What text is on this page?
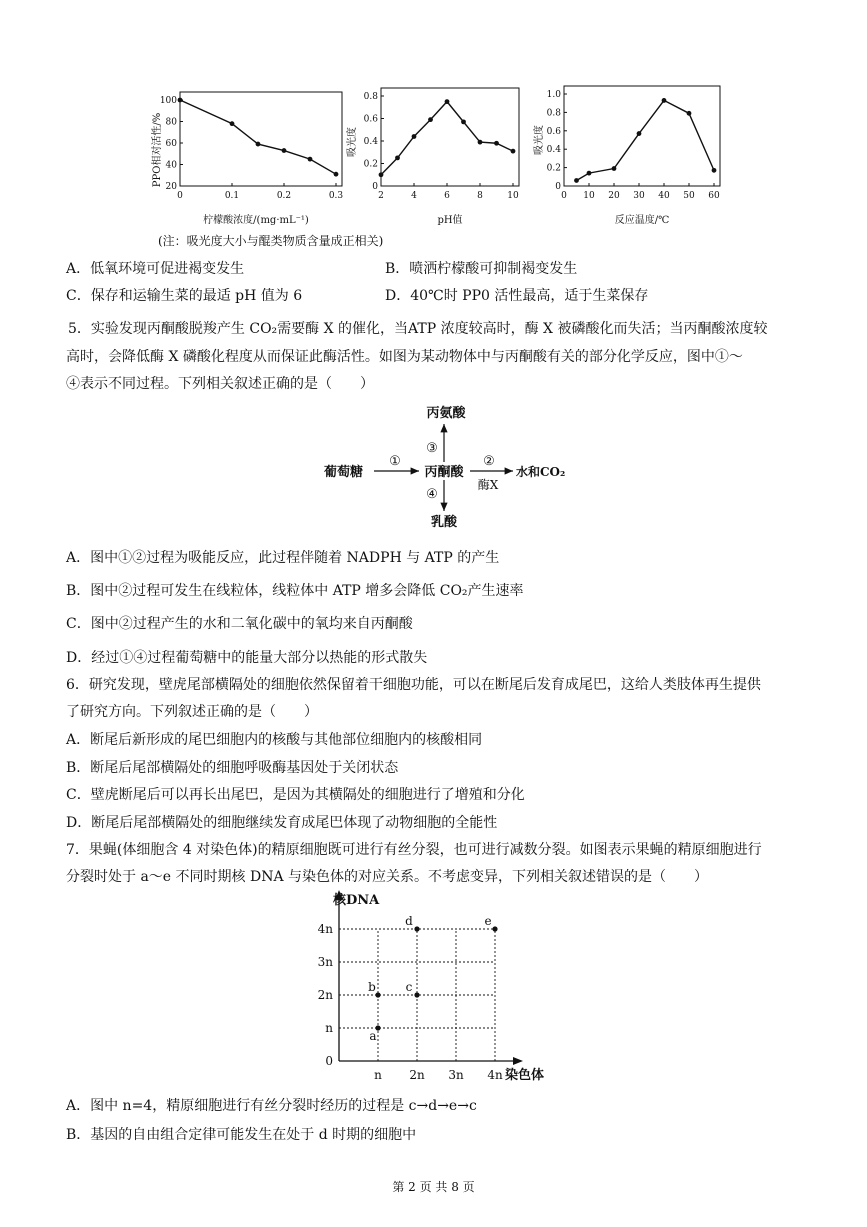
PPO相对活性/%
0	0.1	0.2	0.3
20
40
60
80
100
柠檬酸浓度/(mg·mL⁻¹)
吸光度
2	4	6	8	10
0
0.2
0.4
0.6
0.8
pH值
吸光度
0 10 20 30 40 50 60
0
0.2
0.4
0.6
0.8
1.0
反应温度/℃
(注：吸光度大小与醌类物质含量成正相关)
A．低氧环境可促进褐变发生	B．喷洒柠檬酸可抑制褐变发生
C．保存和运输生菜的最适 pH 值为 6	D．40℃时 PP0 活性最高，适于生菜保存
5．实验发现丙酮酸脱羧产生 CO₂需要酶 X 的催化，当ATP 浓度较高时，酶 X 被磷酸化而失活；当丙酮酸浓度较
高时，会降低酶 X 磷酸化程度从而保证此酶活性。如图为某动物体中与丙酮酸有关的部分化学反应，图中①～
④表示不同过程。下列相关叙述正确的是（　　）
丙氨酸
③
葡萄糖
①
丙酮酸
②
酶X
水和CO₂
④
乳酸
A．图中①②过程为吸能反应，此过程伴随着 NADPH 与 ATP 的产生
B．图中②过程可发生在线粒体，线粒体中 ATP 增多会降低 CO₂产生速率
C．图中②过程产生的水和二氧化碳中的氧均来自丙酮酸
D．经过①④过程葡萄糖中的能量大部分以热能的形式散失
6．研究发现，壁虎尾部横隔处的细胞依然保留着干细胞功能，可以在断尾后发育成尾巴，这给人类肢体再生提供
了研究方向。下列叙述正确的是（　　）
A．断尾后新形成的尾巴细胞内的核酸与其他部位细胞内的核酸相同
B．断尾后尾部横隔处的细胞呼吸酶基因处于关闭状态
C．壁虎断尾后可以再长出尾巴，是因为其横隔处的细胞进行了增殖和分化
D．断尾后尾部横隔处的细胞继续发育成尾巴体现了动物细胞的全能性
7．果蝇(体细胞含 4 对染色体)的精原细胞既可进行有丝分裂，也可进行减数分裂。如图表示果蝇的精原细胞进行
分裂时处于 a～e 不同时期核 DNA 与染色体的对应关系。不考虑变异，下列相关叙述错误的是（　　）
核DNA
染色体
n 2n 3n 4n
0
n
2n
3n
4n
a
b c
d	e
A．图中 n=4，精原细胞进行有丝分裂时经历的过程是 c→d→e→c
B．基因的自由组合定律可能发生在处于 d 时期的细胞中
第 2 页 共 8 页
